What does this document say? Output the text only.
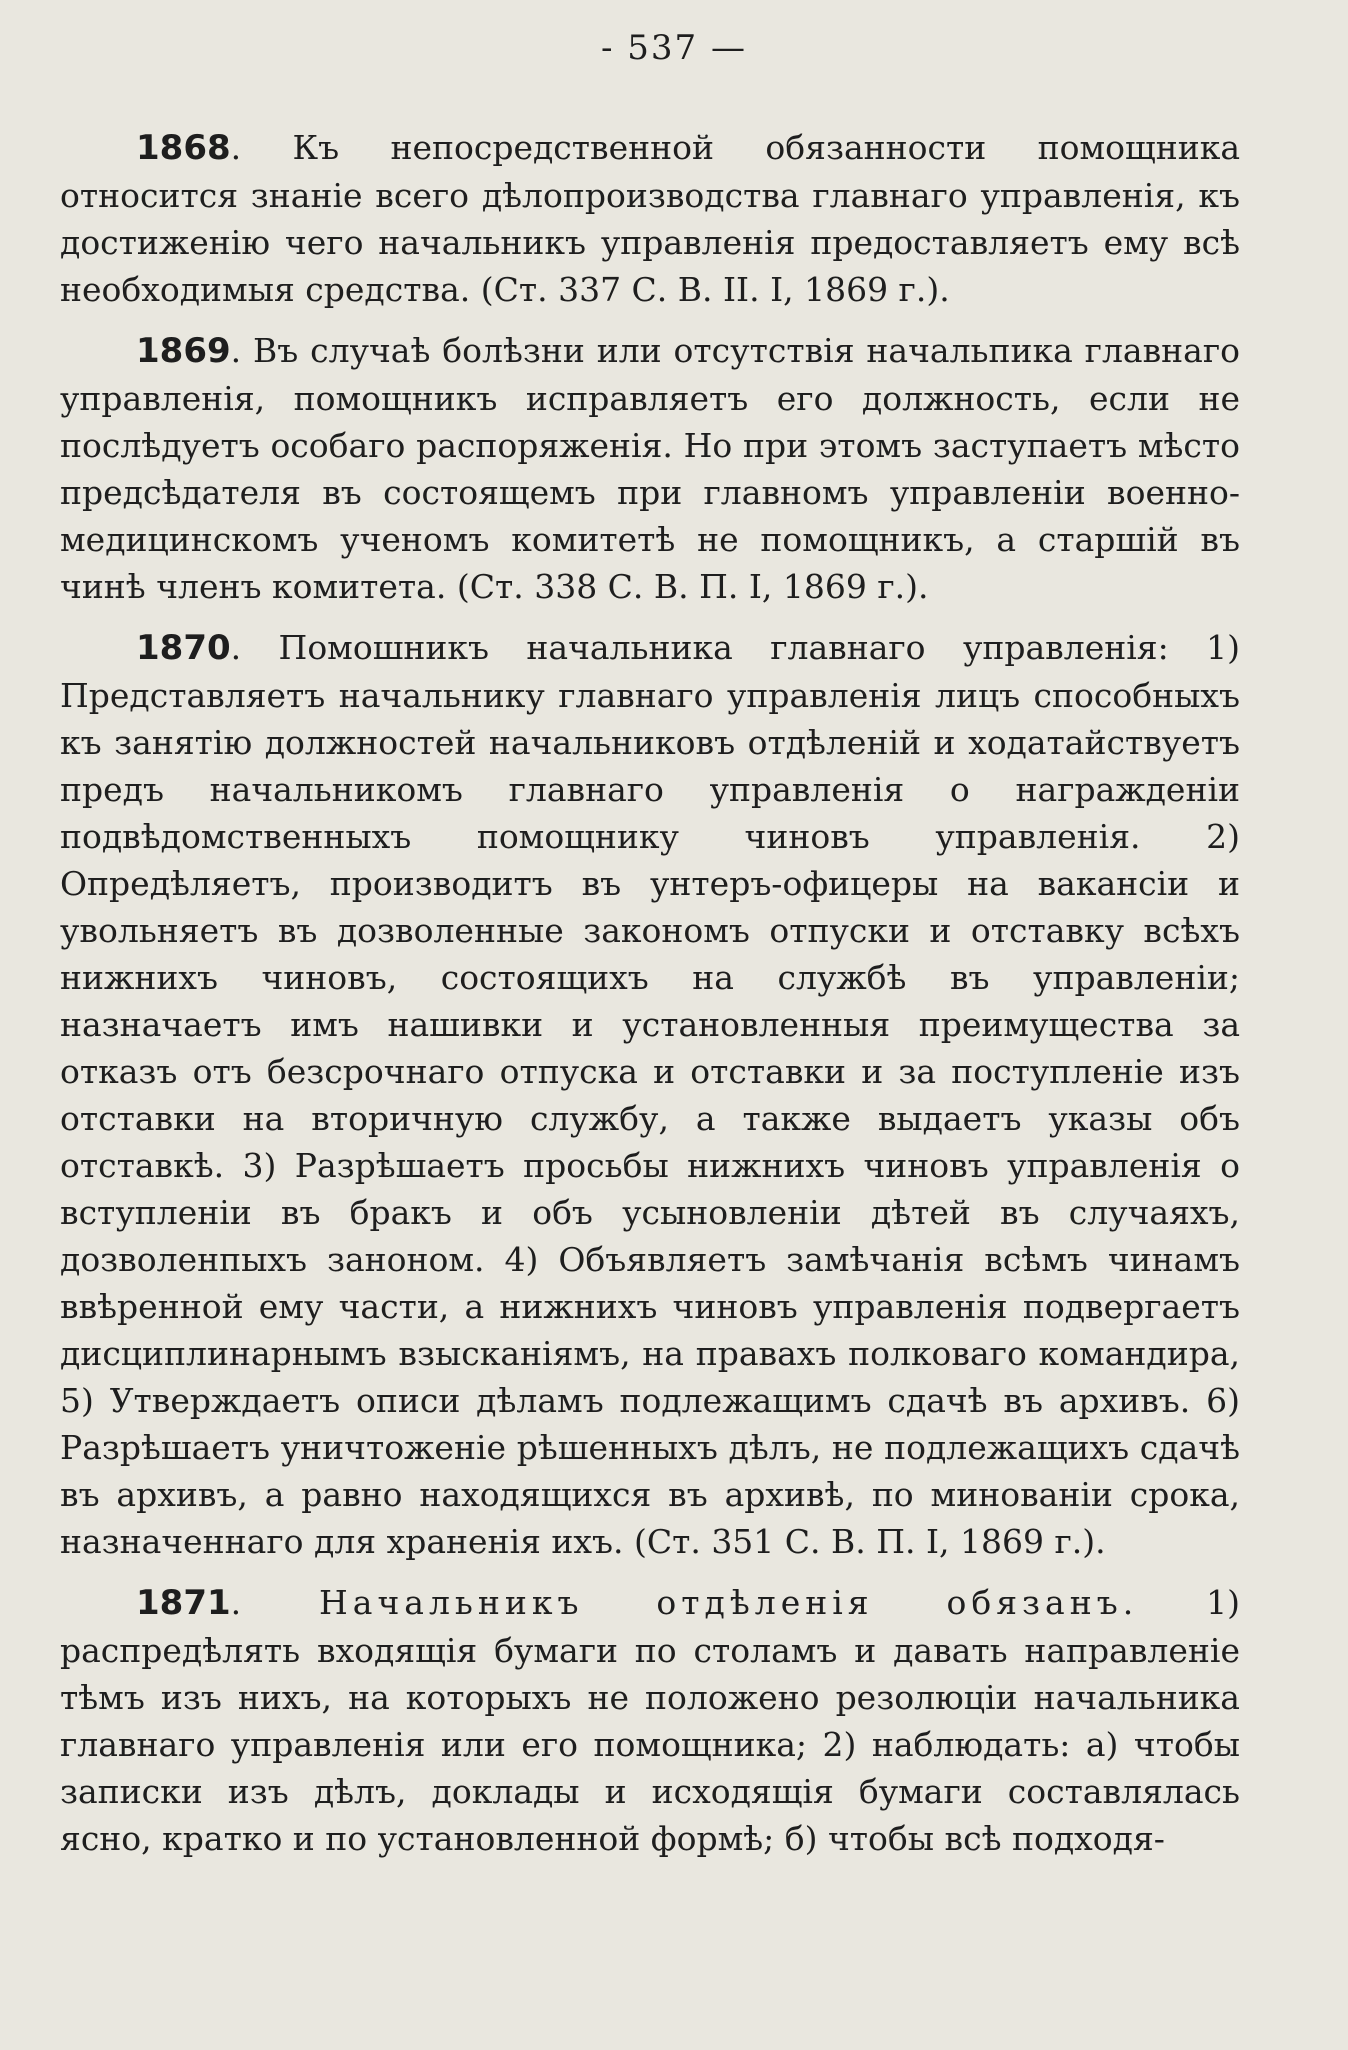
- 537 —

1868. Къ непосредственной обязанности помощника относится знаніе всего дѣлопроизводства главнаго управленія, къ достиженію чего начальникъ управленія предоставляетъ ему всѣ необходимыя средства. (Ст. 337 С. В. II. I, 1869 г.).

1869. Въ случаѣ болѣзни или отсутствія начальпика главнаго управленія, помощникъ исправляетъ его должность, если не послѣдуетъ особаго распоряженія. Но при этомъ заступаетъ мѣсто предсѣдателя въ состоящемъ при главномъ управленіи военно-медицинскомъ ученомъ комитетѣ не помощникъ, а старшій въ чинѣ членъ комитета. (Ст. 338 С. В. П. I, 1869 г.).

1870. Помошникъ начальника главнаго управленія: 1) Представляетъ начальнику главнаго управленія лицъ способныхъ къ занятію должностей начальниковъ отдѣленій и ходатайствуетъ предъ начальникомъ главнаго управленія о награжденіи подвѣдомственныхъ помощнику чиновъ управленія. 2) Опредѣляетъ, производитъ въ унтеръ-офицеры на вакансіи и увольняетъ въ дозволенные закономъ отпуски и отставку всѣхъ нижнихъ чиновъ, состоящихъ на службѣ въ управленіи; назначаетъ имъ нашивки и установленныя преимущества за отказъ отъ безсрочнаго отпуска и отставки и за поступленіе изъ отставки на вторичную службу, а также выдаетъ указы объ отставкѣ. 3) Разрѣшаетъ просьбы нижнихъ чиновъ управленія о вступленіи въ бракъ и объ усыновленіи дѣтей въ случаяхъ, дозволенпыхъ заноном. 4) Объявляетъ замѣчанія всѣмъ чинамъ ввѣренной ему части, а нижнихъ чиновъ управленія подвергаетъ дисциплинарнымъ взысканіямъ, на правахъ полковаго командира, 5) Утверждаетъ описи дѣламъ подлежащимъ сдачѣ въ архивъ. 6) Разрѣшаетъ уничтоженіе рѣшенныхъ дѣлъ, не подлежащихъ сдачѣ въ архивъ, а равно находящихся въ архивѣ, по минованіи срока, назначеннаго для храненія ихъ. (Ст. 351 С. В. П. I, 1869 г.).

1871. Начальникъ отдѣленія обязанъ. 1) распредѣлять входящія бумаги по столамъ и давать направленіе тѣмъ изъ нихъ, на которыхъ не положено резолюціи начальника главнаго управленія или его помощника; 2) наблюдать: а) чтобы записки изъ дѣлъ, доклады и исходящія бумаги составлялась ясно, кратко и по установленной формѣ; б) чтобы всѣ подходя-
